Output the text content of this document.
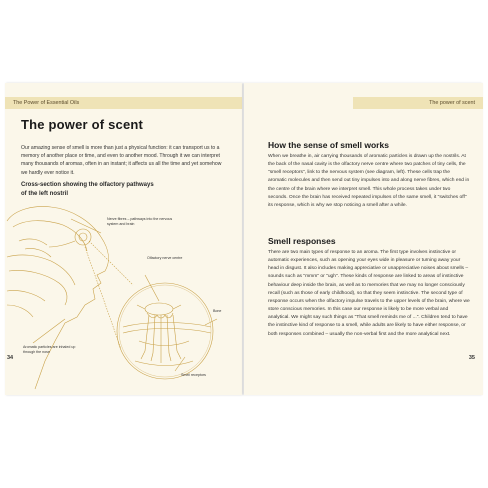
The Power of Essential Oils
The power of scent
Our amazing sense of smell is more than just a physical function: it can transport us to a memory of another place or time, and even to another mood. Through it we can interpret many thousands of aromas, often in an instant; it affects us all the time and yet somehow we hardly ever notice it.
Cross-section showing the olfactory pathways of the left nostril
Nerve fibres – pathways into the nervous system and brain
Olfactory nerve centre
Bone
Aromatic particles are inhaled up through the nose
Smell receptors
34
The power of scent
How the sense of smell works
When we breathe in, air carrying thousands of aromatic particles is drawn up the nostrils. At the back of the nasal cavity is the olfactory nerve centre where two patches of tiny cells, the "smell receptors", link to the nervous system (see diagram, left). These cells trap the aromatic molecules and then send out tiny impulses into and along nerve fibres, which end in the centre of the brain where we interpret smell. This whole process takes under two seconds. Once the brain has received repeated impulses of the same smell, it "switches off" its response, which is why we stop noticing a smell after a while.
Smell responses
There are two main types of response to an aroma. The first type involves instinctive or automatic experiences, such as opening your eyes wide in pleasure or turning away your head in disgust. It also includes making appreciative or unappreciative noises about smells – sounds such as "mmm" or "ugh". These kinds of response are linked to areas of instinctive behaviour deep inside the brain, as well as to memories that we may no longer consciously recall (such as those of early childhood), so that they seem instinctive. The second type of response occurs when the olfactory impulse travels to the upper levels of the brain, where we store conscious memories. In this case our response is likely to be more verbal and analytical. We might say such things as "That smell reminds me of ...". Children tend to have the instinctive kind of response to a smell, while adults are likely to have either response, or both responses combined – usually the non-verbal first and the more analytical next.
35
